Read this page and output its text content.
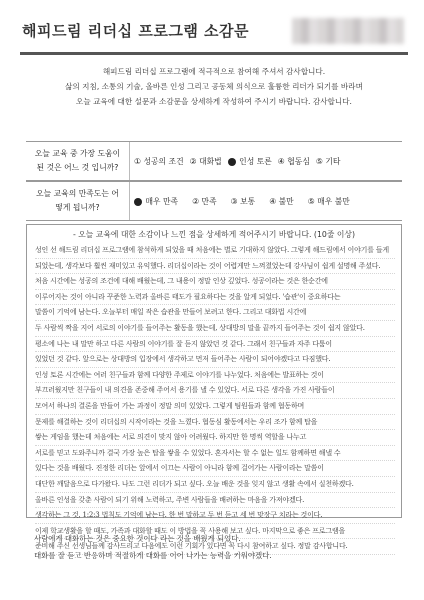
해피드림 리더십 프로그램 소감문
해피드림 리더십 프로그램에 적극적으로 참여해 주셔서 감사합니다.
삶의 지침, 소통의 기술, 올바른 인성 그리고 공동체 의식으로 훌륭한 리더가 되기를 바라며
오늘 교육에 대한 설문과 소감문을 상세하게 작성하여 주시기 바랍니다. 감사합니다.
오늘 교육 중 가장 도움이 된 것은 어느 것 입니까?
① 성공의 조건 ② 대화법	인성 토론 ④ 협동심 ⑤ 기타
오늘 교육의 만족도는 어떻게 됩니까?
매우 만족 ② 만족 ③ 보통 ④ 불만 ⑤ 매우 불만
- 오늘 교육에 대한 소감이나 느낀 점을 상세하게 적어주시기 바랍니다. (10줄 이상)
성인 선 해드림 리더십 프로그램에 참석하게 되었을 때 처음에는 별로 기대하지 않았다. 그렇게 해드림에서 이야기를 들게
되었는데, 생각보다 훨씬 재미있고 유익했다. 리더십이라는 것이 어렵게만 느껴졌었는데 강사님이 쉽게 설명해 주셨다.
처음 시간에는 성공의 조건에 대해 배웠는데, 그 내용이 정말 인상 깊었다. 성공이라는 것은 한순간에
이루어지는 것이 아니라 꾸준한 노력과 올바른 태도가 필요하다는 것을 알게 되었다. '습관'이 중요하다는
말씀이 기억에 남는다. 오늘부터 매일 작은 습관을 만들어 보려고 한다. 그리고 대화법 시간에
두 사람씩 짝을 지어 서로의 이야기를 들어주는 활동을 했는데, 상대방의 말을 끝까지 들어주는 것이 쉽지 않았다.
평소에 나는 내 말만 하고 다른 사람의 이야기를 잘 듣지 않았던 것 같다. 그래서 친구들과 자주 다툼이
있었던 것 같다. 앞으로는 상대방의 입장에서 생각하고 먼저 들어주는 사람이 되어야겠다고 다짐했다.
인성 토론 시간에는 여러 친구들과 함께 다양한 주제로 이야기를 나누었다. 처음에는 발표하는 것이
부끄러웠지만 친구들이 내 의견을 존중해 주어서 용기를 낼 수 있었다. 서로 다른 생각을 가진 사람들이
모여서 하나의 결론을 만들어 가는 과정이 정말 의미 있었다. 그렇게 팀원들과 함께 협동하며
문제를 해결하는 것이 리더십의 시작이라는 것을 느꼈다. 협동심 활동에서는 우리 조가 함께 탑을
쌓는 게임을 했는데 처음에는 서로 의견이 맞지 않아 어려웠다. 하지만 한 명씩 역할을 나누고
서로를 믿고 도와주니까 결국 가장 높은 탑을 쌓을 수 있었다. 혼자서는 할 수 없는 일도 함께하면 해낼 수
있다는 것을 배웠다. 진정한 리더는 앞에서 이끄는 사람이 아니라 함께 걸어가는 사람이라는 말씀이
대단한 깨달음으로 다가왔다. 나도 그런 리더가 되고 싶다. 오늘 배운 것을 잊지 않고 생활 속에서 실천하겠다.
올바른 인성을 갖춘 사람이 되기 위해 노력하고, 주변 사람들을 배려하는 마음을 가져야겠다.
생각하는 그 것, 1:2:3 법칙도 기억에 남는다. 한 번 말하고 두 번 듣고 세 번 맞장구 치라는 것이다.
이제 학교생활을 할 때도, 가족과 대화할 때도 이 방법을 꼭 사용해 보고 싶다. 마지막으로 좋은 프로그램을
준비해 주신 선생님들께 감사드리고 다음에도 이런 기회가 있다면 꼭 다시 참여하고 싶다. 정말 감사합니다.
사람에게 대화하는 것은 중요한 것이다 라는 것을 배웠게 되었다.
대화를 잘 듣고 반응하며 적절하게 대화를 이어 나가는 능력을 키워야겠다.
